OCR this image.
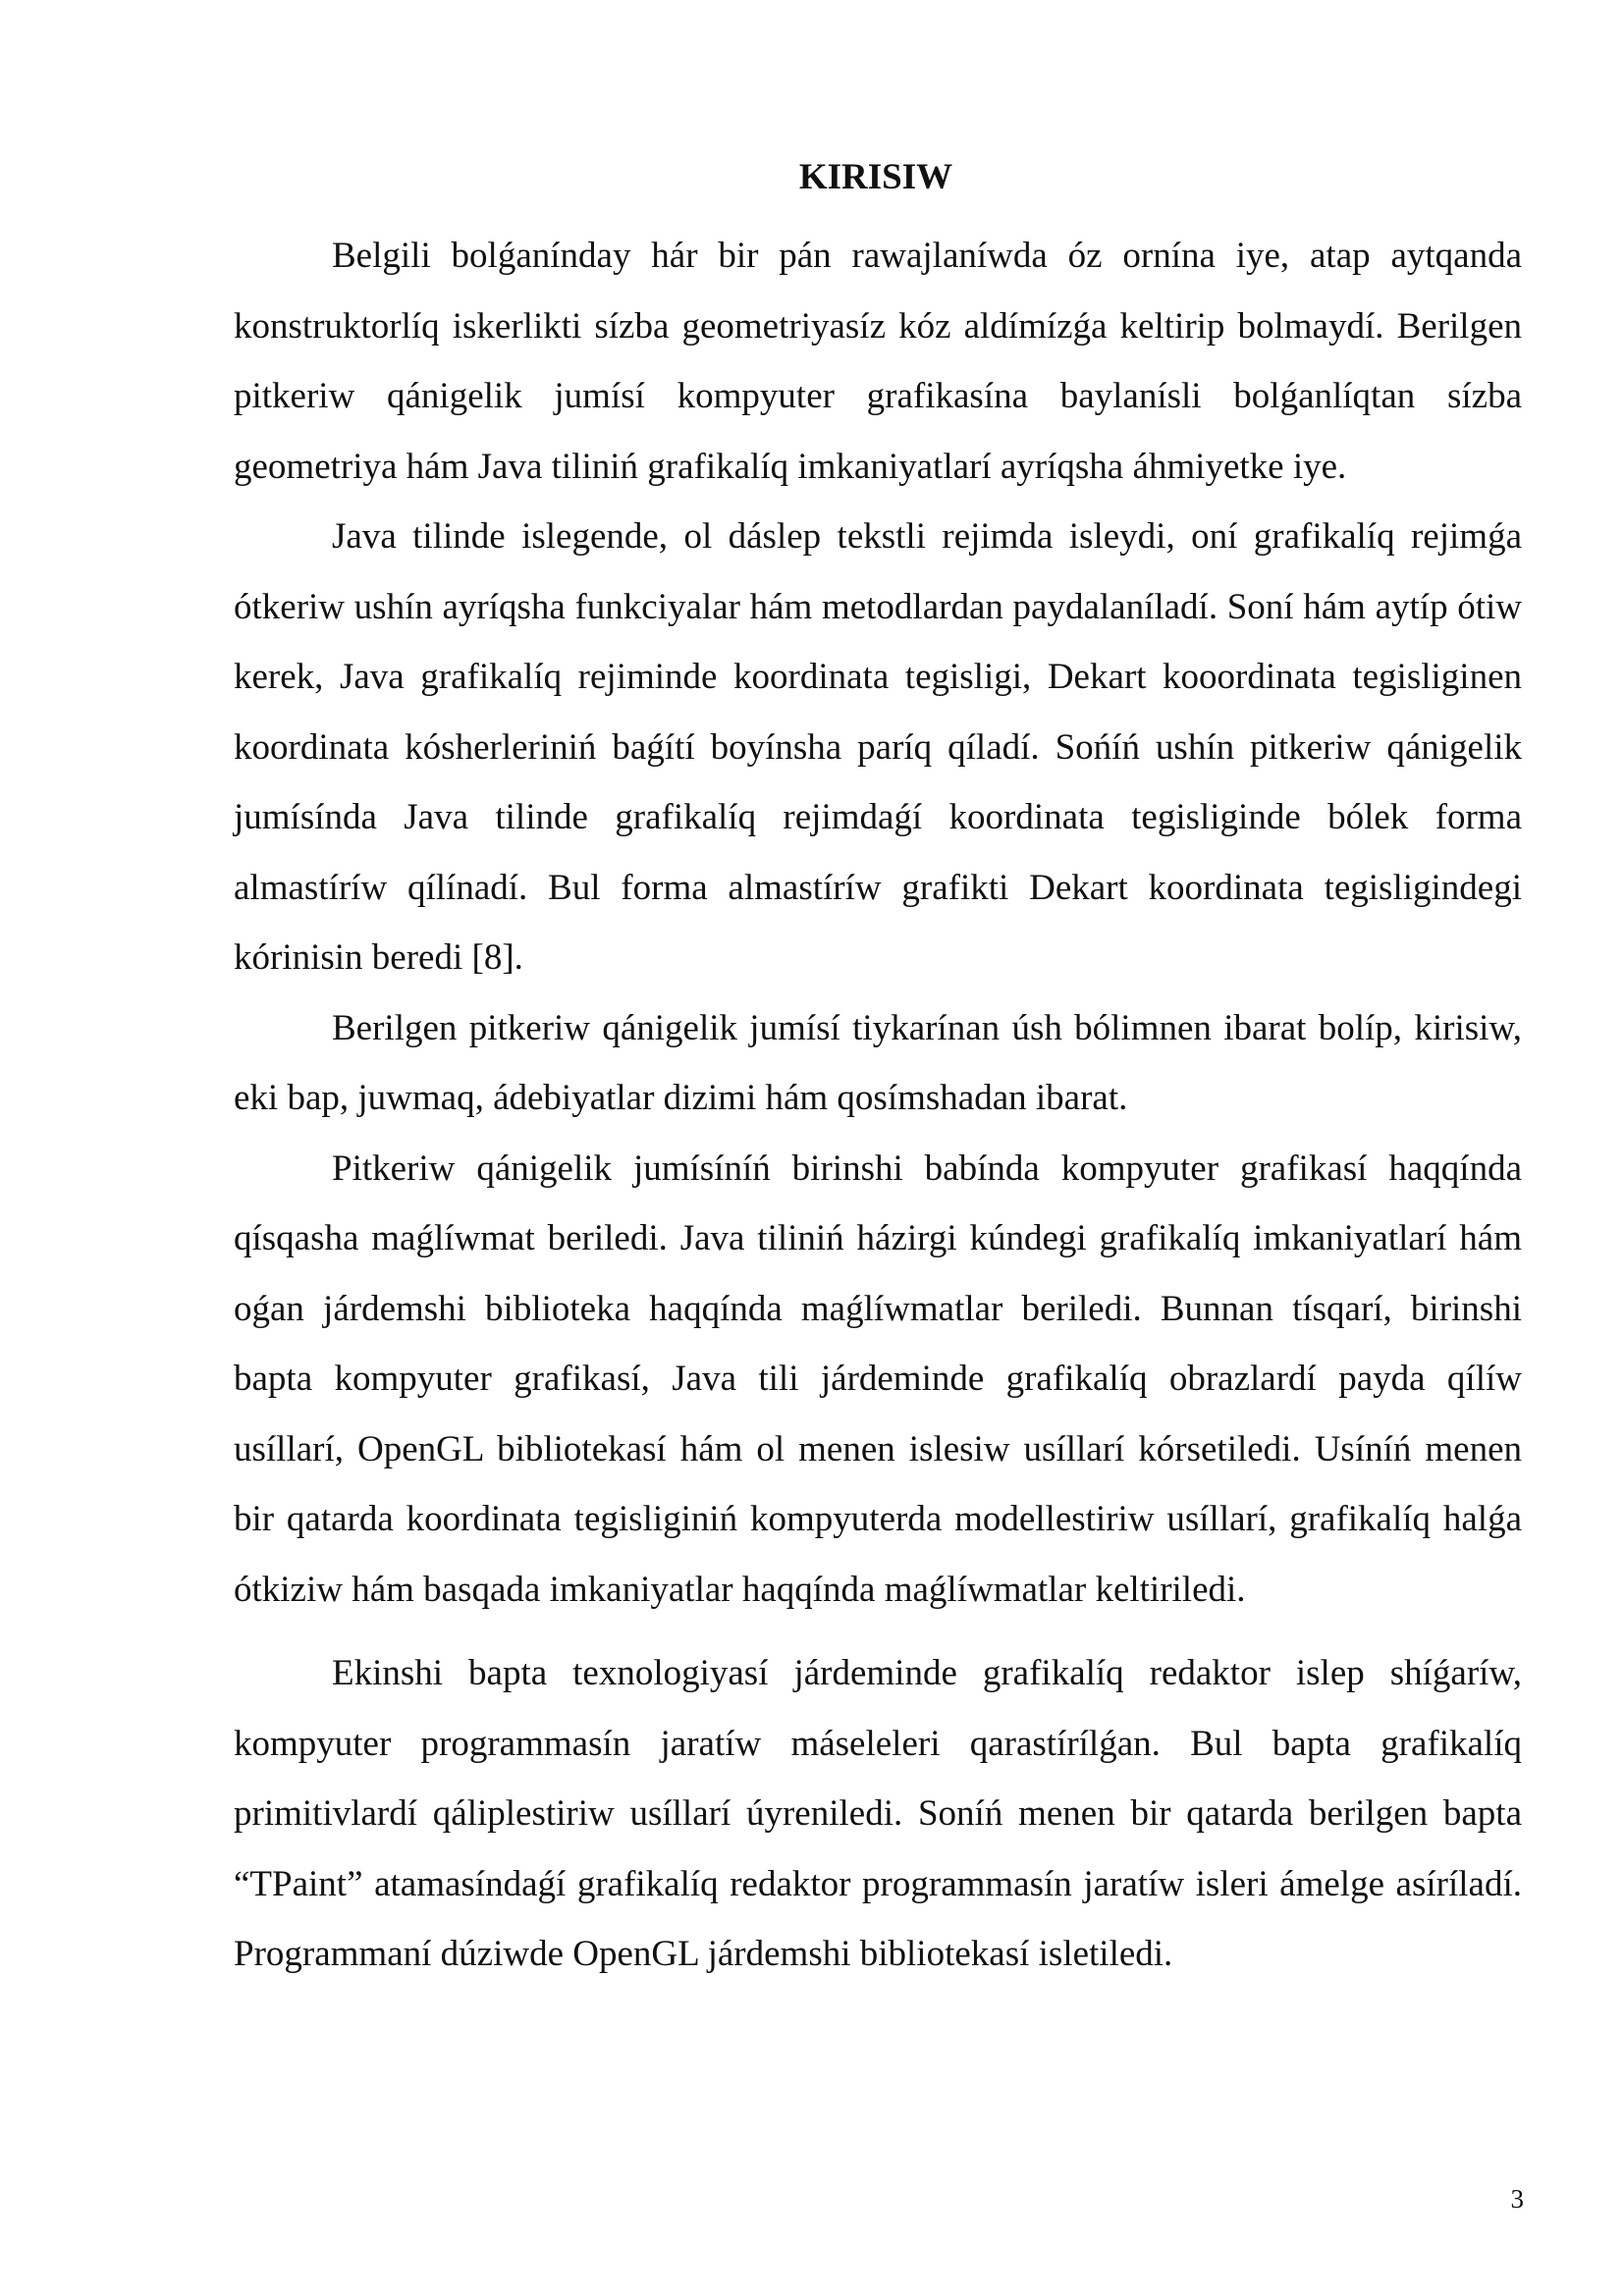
KIRISIW

Belgili bolǵanínday hár bir pán rawajlaníwda óz ornína iye, atap aytqanda konstruktorlíq iskerlikti sízba geometriyasíz kóz aldímízǵa keltirip bolmaydí. Berilgen pitkeriw qánigelik jumísí kompyuter grafikasína baylanísli bolǵanlíqtan sízba geometriya hám Java tiliniń grafikalíq imkaniyatlarí ayríqsha áhmiyetke iye.

Java tilinde islegende, ol dáslep tekstli rejimda isleydi, oní grafikalíq rejimǵa ótkeriw ushín ayríqsha funkciyalar hám metodlardan paydalaníladí. Soní hám aytíp ótiw kerek, Java grafikalíq rejiminde koordinata tegisligi, Dekart kooordinata tegisliginen koordinata kósherleriniń baǵítí boyínsha paríq qíladí. Sońíń ushín pitkeriw qánigelik jumísínda Java tilinde grafikalíq rejimdaǵí koordinata tegisliginde bólek forma almastíríw qílínadí. Bul forma almastíríw grafikti Dekart koordinata tegisligindegi kórinisin beredi [8].

Berilgen pitkeriw qánigelik jumísí tiykarínan úsh bólimnen ibarat bolíp, kirisiw, eki bap, juwmaq, ádebiyatlar dizimi hám qosímshadan ibarat.

Pitkeriw qánigelik jumísíníń birinshi babínda kompyuter grafikasí haqqínda qísqasha maǵlíwmat beriledi. Java tiliniń házirgi kúndegi grafikalíq imkaniyatlarí hám oǵan járdemshi biblioteka haqqínda maǵlíwmatlar beriledi. Bunnan tísqarí, birinshi bapta kompyuter grafikasí, Java tili járdeminde grafikalíq obrazlardí payda qílíw usíllarí, OpenGL bibliotekasí hám ol menen islesiw usíllarí kórsetiledi. Usíníń menen bir qatarda koordinata tegisliginiń kompyuterda modellestiriw usíllarí, grafikalíq halǵa ótkiziw hám basqada imkaniyatlar haqqínda maǵlíwmatlar keltiriledi.

Ekinshi bapta texnologiyasí járdeminde grafikalíq redaktor islep shíǵaríw, kompyuter programmasín jaratíw máseleleri qarastírílǵan. Bul bapta grafikalíq primitivlardí qáliplestiriw usíllarí úyreniledi. Soníń menen bir qatarda berilgen bapta “TPaint” atamasíndaǵí grafikalíq redaktor programmasín jaratíw isleri ámelge asíríladí. Programmaní dúziwde OpenGL járdemshi bibliotekasí isletiledi.

3
